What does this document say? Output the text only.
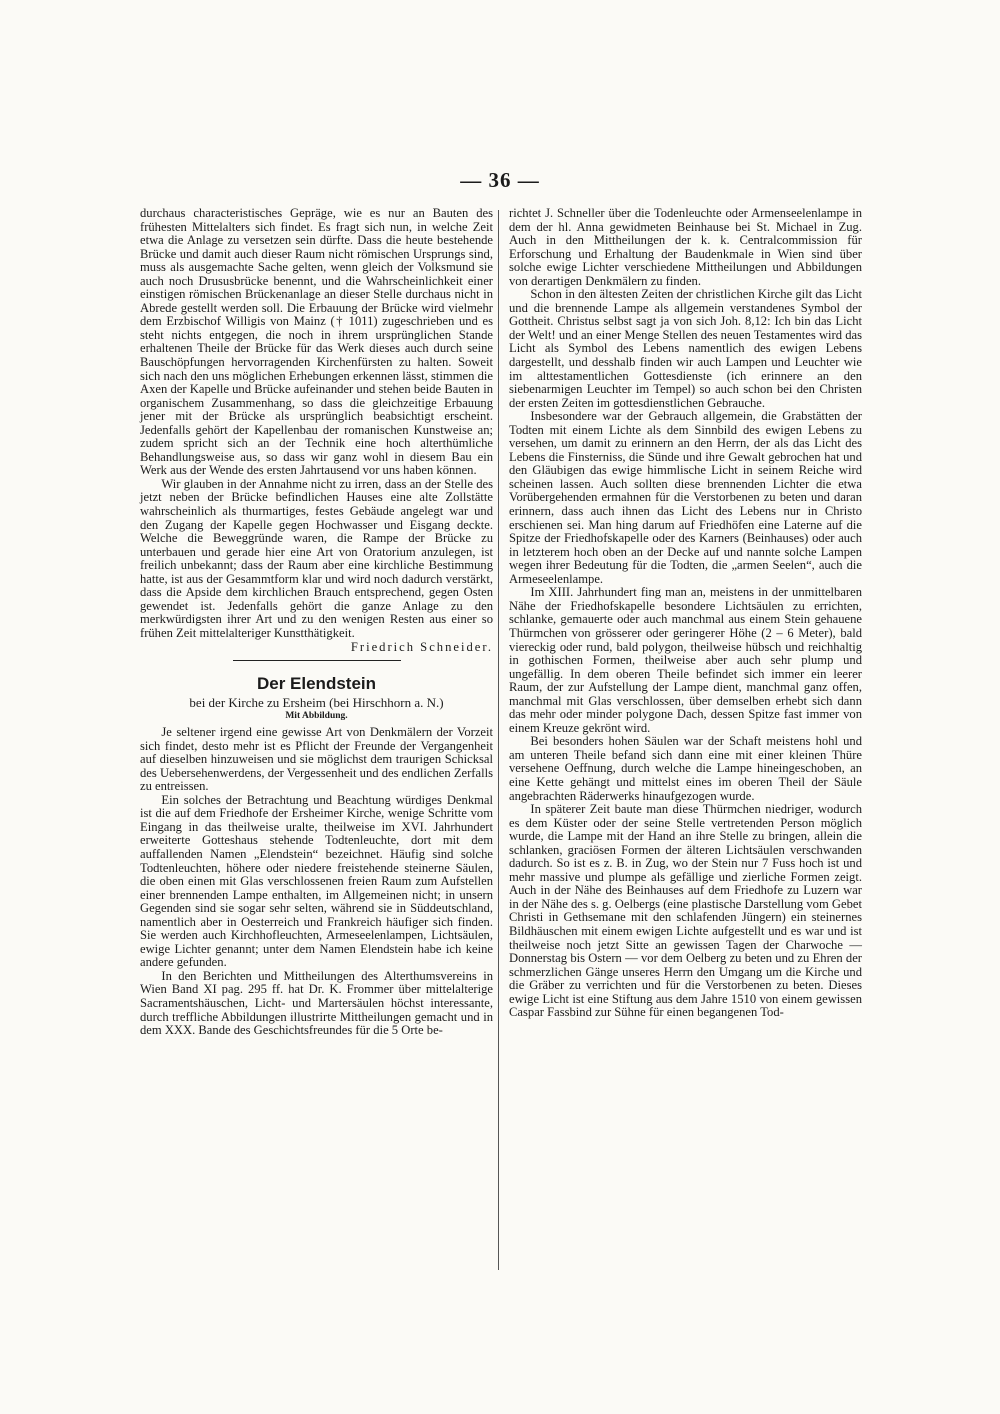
— 36 —

durchaus characteristisches Gepräge, wie es nur an Bauten des frühesten Mittelalters sich findet. Es fragt sich nun, in welche Zeit etwa die Anlage zu versetzen sein dürfte. Dass die heute bestehende Brücke und damit auch dieser Raum nicht römischen Ursprungs sind, muss als ausgemachte Sache gelten, wenn gleich der Volksmund sie auch noch Drususbrücke benennt, und die Wahrscheinlichkeit einer einstigen römischen Brückenanlage an dieser Stelle durchaus nicht in Abrede gestellt werden soll. Die Erbauung der Brücke wird vielmehr dem Erzbischof Willigis von Mainz († 1011) zugeschrieben und es steht nichts entgegen, die noch in ihrem ursprünglichen Stande erhaltenen Theile der Brücke für das Werk dieses auch durch seine Bauschöpfungen hervorragenden Kirchenfürsten zu halten. Soweit sich nach den uns möglichen Erhebungen erkennen lässt, stimmen die Axen der Kapelle und Brücke aufeinander und stehen beide Bauten in organischem Zusammenhang, so dass die gleichzeitige Erbauung jener mit der Brücke als ursprünglich beabsichtigt erscheint. Jedenfalls gehört der Kapellenbau der romanischen Kunstweise an; zudem spricht sich an der Technik eine hoch alterthümliche Behandlungsweise aus, so dass wir ganz wohl in diesem Bau ein Werk aus der Wende des ersten Jahrtausend vor uns haben können.

Wir glauben in der Annahme nicht zu irren, dass an der Stelle des jetzt neben der Brücke befindlichen Hauses eine alte Zollstätte wahrscheinlich als thurmartiges, festes Gebäude angelegt war und den Zugang der Kapelle gegen Hochwasser und Eisgang deckte. Welche die Beweggründe waren, die Rampe der Brücke zu unterbauen und gerade hier eine Art von Oratorium anzulegen, ist freilich unbekannt; dass der Raum aber eine kirchliche Bestimmung hatte, ist aus der Gesammtform klar und wird noch dadurch verstärkt, dass die Apside dem kirchlichen Brauch entsprechend, gegen Osten gewendet ist. Jedenfalls gehört die ganze Anlage zu den merkwürdigsten ihrer Art und zu den wenigen Resten aus einer so frühen Zeit mittelalteriger Kunstthätigkeit.

Friedrich Schneider.

Der Elendstein
bei der Kirche zu Ersheim (bei Hirschhorn a. N.)
Mit Abbildung.

Je seltener irgend eine gewisse Art von Denkmälern der Vorzeit sich findet, desto mehr ist es Pflicht der Freunde der Vergangenheit auf dieselben hinzuweisen und sie möglichst dem traurigen Schicksal des Uebersehenwerdens, der Vergessenheit und des endlichen Zerfalls zu entreissen.

Ein solches der Betrachtung und Beachtung würdiges Denkmal ist die auf dem Friedhofe der Ersheimer Kirche, wenige Schritte vom Eingang in das theilweise uralte, theilweise im XVI. Jahrhundert erweiterte Gotteshaus stehende Todtenleuchte, dort mit dem auffallenden Namen „Elendstein“ bezeichnet. Häufig sind solche Todtenleuchten, höhere oder niedere freistehende steinerne Säulen, die oben einen mit Glas verschlossenen freien Raum zum Aufstellen einer brennenden Lampe enthalten, im Allgemeinen nicht; in unsern Gegenden sind sie sogar sehr selten, während sie in Süddeutschland, namentlich aber in Oesterreich und Frankreich häufiger sich finden. Sie werden auch Kirchhofleuchten, Armeseelenlampen, Lichtsäulen, ewige Lichter genannt; unter dem Namen Elendstein habe ich keine andere gefunden.

In den Berichten und Mittheilungen des Alterthumsvereins in Wien Band XI pag. 295 ff. hat Dr. K. Frommer über mittelalterige Sacramentshäuschen, Licht- und Martersäulen höchst interessante, durch treffliche Abbildungen illustrirte Mittheilungen gemacht und in dem XXX. Bande des Geschichtsfreundes für die 5 Orte be-

richtet J. Schneller über die Todenleuchte oder Armenseelenlampe in dem der hl. Anna gewidmeten Beinhause bei St. Michael in Zug. Auch in den Mittheilungen der k. k. Centralcommission für Erforschung und Erhaltung der Baudenkmale in Wien sind über solche ewige Lichter verschiedene Mittheilungen und Abbildungen von derartigen Denkmälern zu finden.

Schon in den ältesten Zeiten der christlichen Kirche gilt das Licht und die brennende Lampe als allgemein verstandenes Symbol der Gottheit. Christus selbst sagt ja von sich Joh. 8,12: Ich bin das Licht der Welt! und an einer Menge Stellen des neuen Testamentes wird das Licht als Symbol des Lebens namentlich des ewigen Lebens dargestellt, und desshalb finden wir auch Lampen und Leuchter wie im alttestamentlichen Gottesdienste (ich erinnere an den siebenarmigen Leuchter im Tempel) so auch schon bei den Christen der ersten Zeiten im gottesdienstlichen Gebrauche.

Insbesondere war der Gebrauch allgemein, die Grabstätten der Todten mit einem Lichte als dem Sinnbild des ewigen Lebens zu versehen, um damit zu erinnern an den Herrn, der als das Licht des Lebens die Finsterniss, die Sünde und ihre Gewalt gebrochen hat und den Gläubigen das ewige himmlische Licht in seinem Reiche wird scheinen lassen. Auch sollten diese brennenden Lichter die etwa Vorübergehenden ermahnen für die Verstorbenen zu beten und daran erinnern, dass auch ihnen das Licht des Lebens nur in Christo erschienen sei. Man hing darum auf Friedhöfen eine Laterne auf die Spitze der Friedhofskapelle oder des Karners (Beinhauses) oder auch in letzterem hoch oben an der Decke auf und nannte solche Lampen wegen ihrer Bedeutung für die Todten, die „armen Seelen“, auch die Armeseelenlampe.

Im XIII. Jahrhundert fing man an, meistens in der unmittelbaren Nähe der Friedhofskapelle besondere Lichtsäulen zu errichten, schlanke, gemauerte oder auch manchmal aus einem Stein gehauene Thürmchen von grösserer oder geringerer Höhe (2 – 6 Meter), bald viereckig oder rund, bald polygon, theilweise hübsch und reichhaltig in gothischen Formen, theilweise aber auch sehr plump und ungefällig. In dem oberen Theile befindet sich immer ein leerer Raum, der zur Aufstellung der Lampe dient, manchmal ganz offen, manchmal mit Glas verschlossen, über demselben erhebt sich dann das mehr oder minder polygone Dach, dessen Spitze fast immer von einem Kreuze gekrönt wird.

Bei besonders hohen Säulen war der Schaft meistens hohl und am unteren Theile befand sich dann eine mit einer kleinen Thüre versehene Oeffnung, durch welche die Lampe hineingeschoben, an eine Kette gehängt und mittelst eines im oberen Theil der Säule angebrachten Räderwerks hinaufgezogen wurde.

In späterer Zeit baute man diese Thürmchen niedriger, wodurch es dem Küster oder der seine Stelle vertretenden Person möglich wurde, die Lampe mit der Hand an ihre Stelle zu bringen, allein die schlanken, graciösen Formen der älteren Lichtsäulen verschwanden dadurch. So ist es z. B. in Zug, wo der Stein nur 7 Fuss hoch ist und mehr massive und plumpe als gefällige und zierliche Formen zeigt. Auch in der Nähe des Beinhauses auf dem Friedhofe zu Luzern war in der Nähe des s. g. Oelbergs (eine plastische Darstellung vom Gebet Christi in Gethsemane mit den schlafenden Jüngern) ein steinernes Bildhäuschen mit einem ewigen Lichte aufgestellt und es war und ist theilweise noch jetzt Sitte an gewissen Tagen der Charwoche — Donnerstag bis Ostern — vor dem Oelberg zu beten und zu Ehren der schmerzlichen Gänge unseres Herrn den Umgang um die Kirche und die Gräber zu verrichten und für die Verstorbenen zu beten. Dieses ewige Licht ist eine Stiftung aus dem Jahre 1510 von einem gewissen Caspar Fassbind zur Sühne für einen begangenen Tod-
